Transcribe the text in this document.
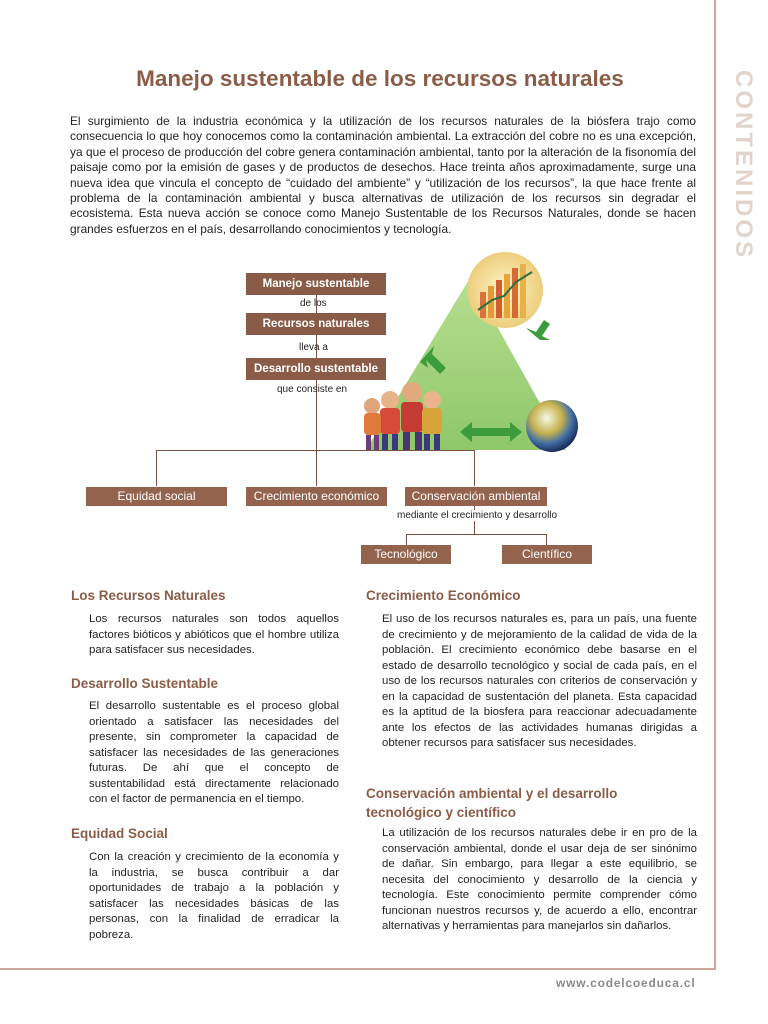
CONTENIDOS
Manejo sustentable de los recursos naturales

El surgimiento de la industria económica y la utilización de los recursos naturales de la biósfera trajo como consecuencia lo que hoy conocemos como la contaminación ambiental. La extracción del cobre no es una excepción, ya que el proceso de producción del cobre genera contaminación ambiental, tanto por la alteración de la fisonomía del paisaje como por la emisión de gases y de productos de desechos. Hace treinta años aproximadamente, surge una nueva idea que vincula el concepto de “cuidado del ambiente” y “utilización de los recursos”, la que hace frente al problema de la contaminación ambiental y busca alternativas de utilización de los recursos sin degradar el ecosistema. Esta nueva acción se conoce como Manejo Sustentable de los Recursos Naturales, donde se hacen grandes esfuerzos en el país, desarrollando conocimientos y tecnología.

Manejo sustentable
de los
Recursos naturales
lleva a
Desarrollo sustentable
que consiste en
Equidad social	Crecimiento económico	Conservación ambiental
mediante el crecimiento y desarrollo
Tecnológico	Científico
Los Recursos Naturales

Los recursos naturales son todos aquellos factores bióticos y abióticos que el hombre utiliza para satisfacer sus necesidades.

Desarrollo Sustentable

El desarrollo sustentable es el proceso global orientado a satisfacer las necesidades del presente, sin comprometer la capacidad de satisfacer las necesidades de las generaciones futuras. De ahí que el concepto de sustentabilidad está directamente relacionado con el factor de permanencia en el tiempo.

Equidad Social

Con la creación y crecimiento de la economía y la industria, se busca contribuir a dar oportunidades de trabajo a la población y satisfacer las necesidades básicas de las personas, con la finalidad de erradicar la pobreza.

Crecimiento Económico

El uso de los recursos naturales es, para un país, una fuente de crecimiento y de mejoramiento de la calidad de vida de la población. El crecimiento económico debe basarse en el estado de desarrollo tecnológico y social de cada país, en el uso de los recursos naturales con criterios de conservación y en la capacidad de sustentación del planeta. Esta capacidad es la aptitud de la biosfera para reaccionar adecuadamente ante los efectos de las actividades humanas dirigidas a obtener recursos para satisfacer sus necesidades.

Conservación ambiental y el desarrollo tecnológico y científico

La utilización de los recursos naturales debe ir en pro de la conservación ambiental, donde el usar deja de ser sinónimo de dañar. Sin embargo, para llegar a este equilibrio, se necesita del conocimiento y desarrollo de la ciencia y tecnología. Este conocimiento permite comprender cómo funcionan nuestros recursos y, de acuerdo a ello, encontrar alternativas y herramientas para manejarlos sin dañarlos.

www.codelcoeduca.cl
